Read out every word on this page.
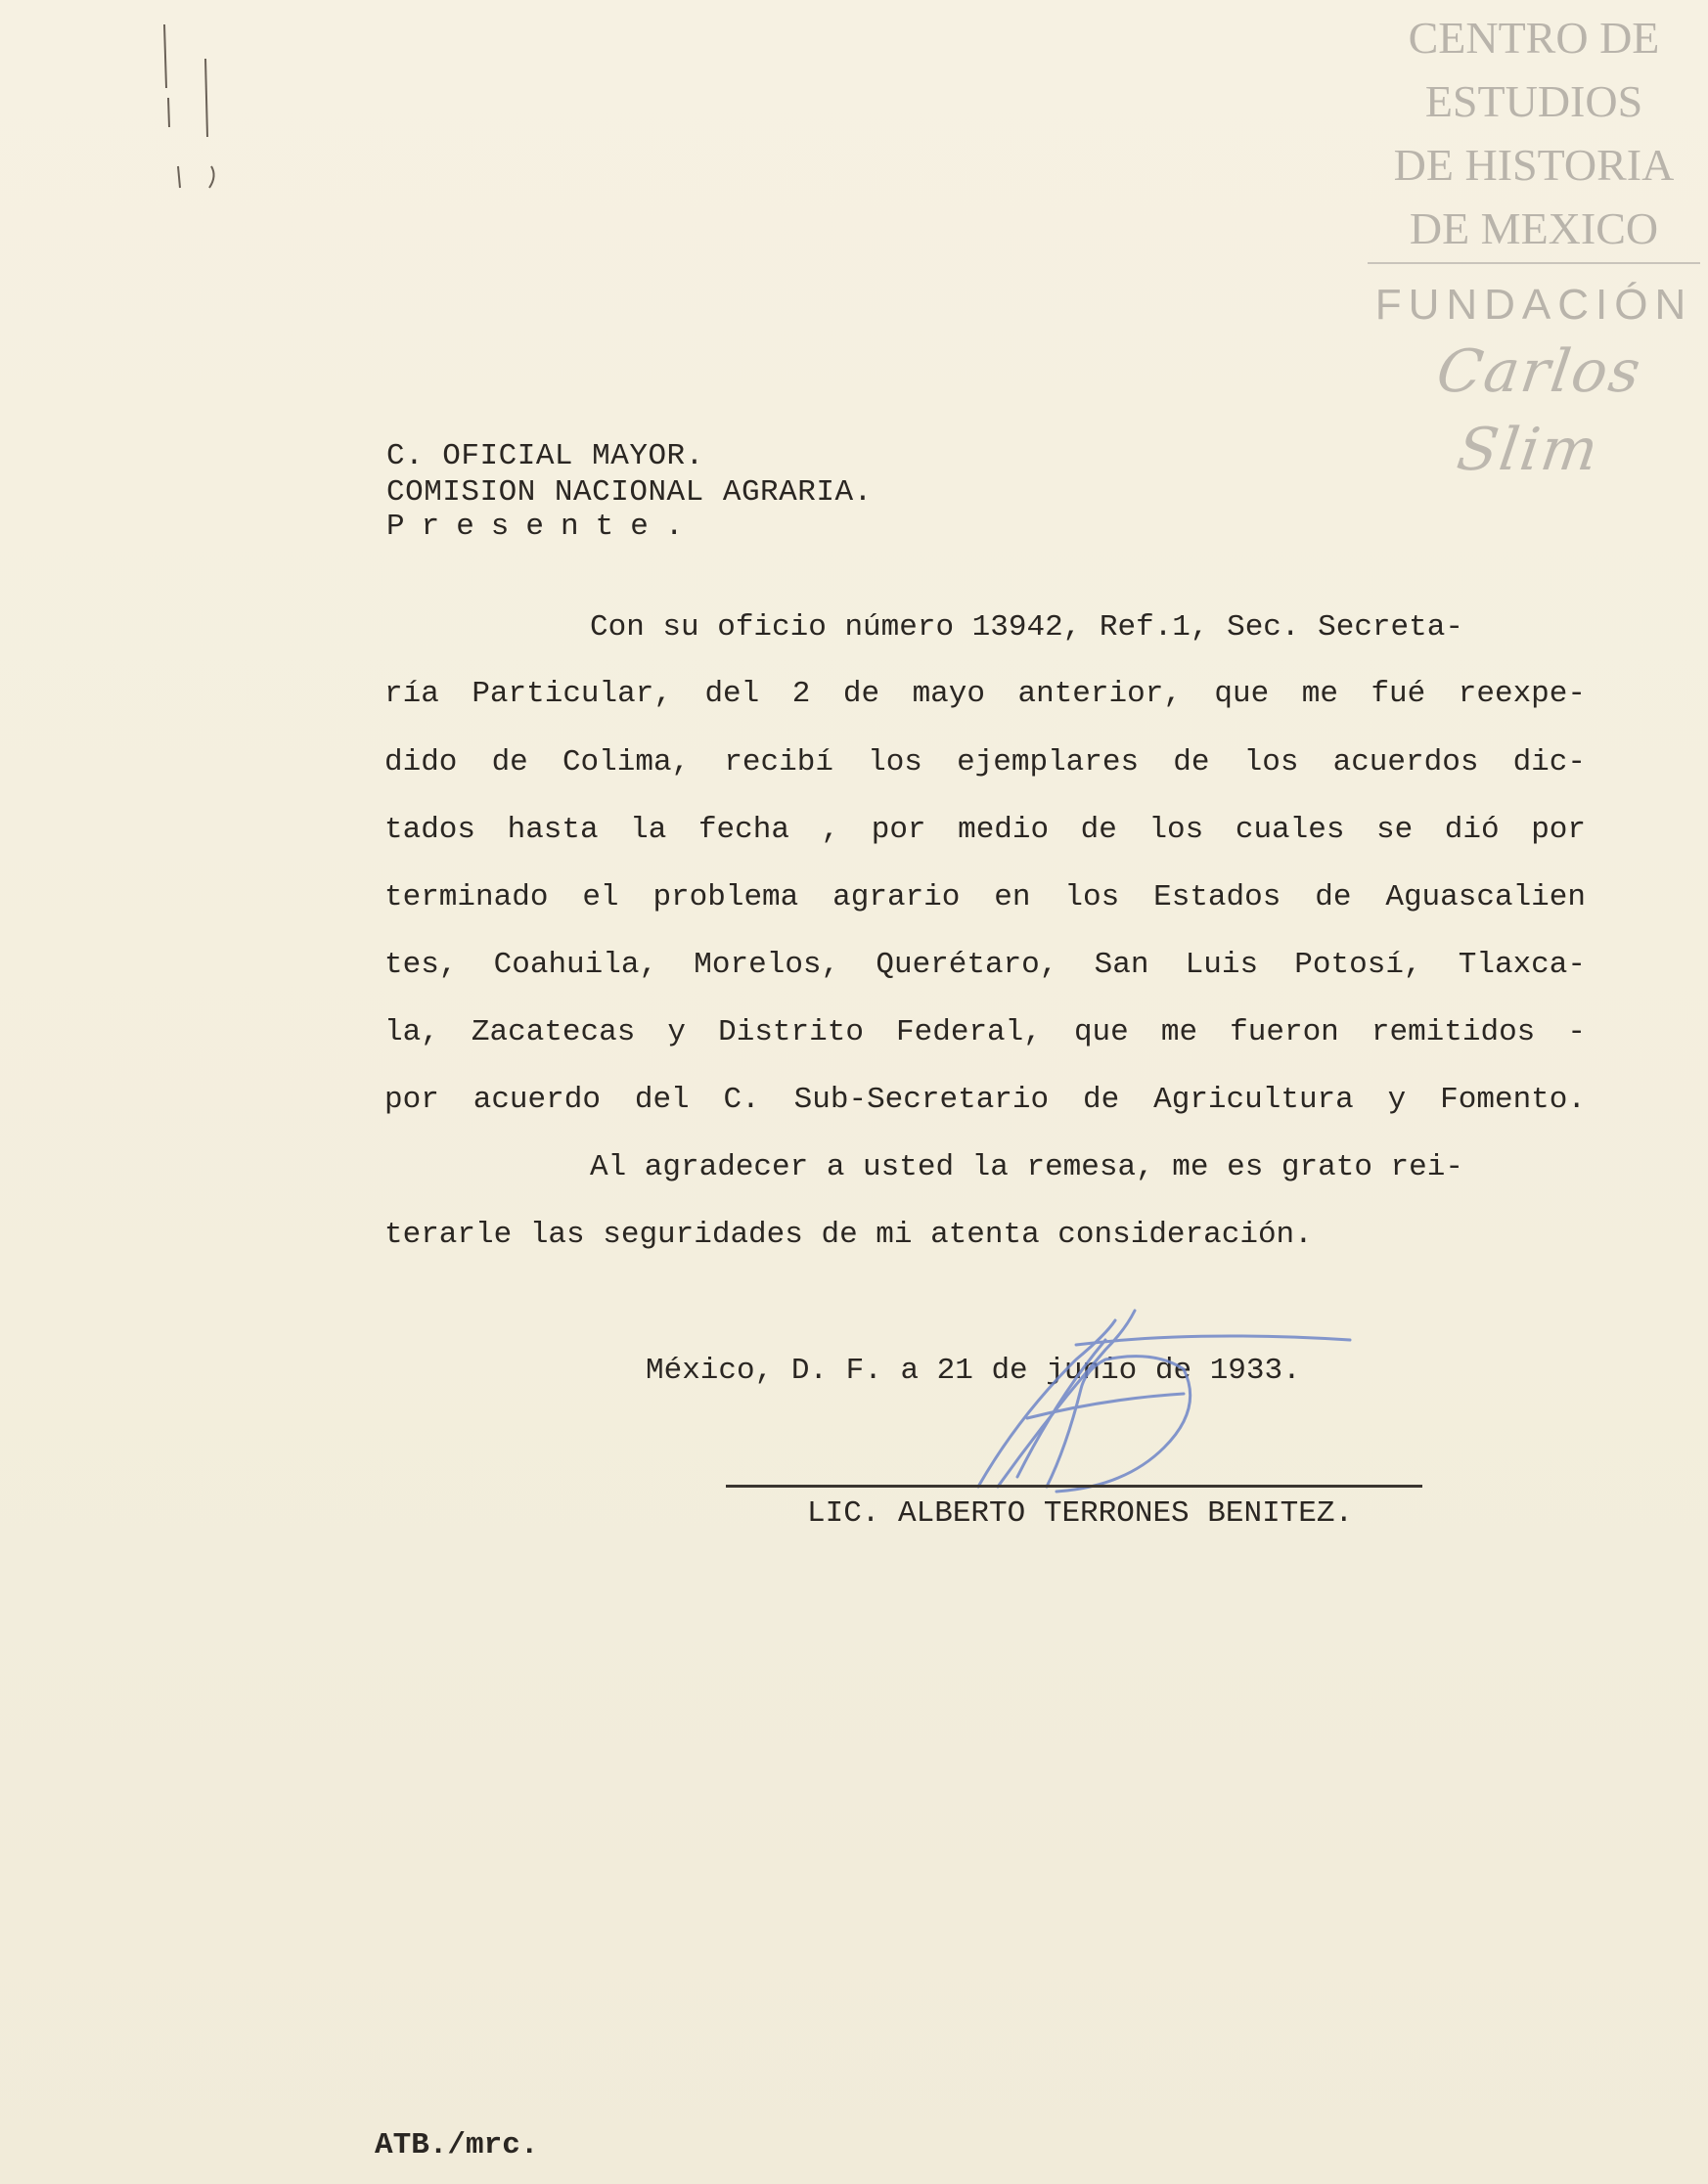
CENTRO DE
ESTUDIOS
DE HISTORIA
DE MEXICO
FUNDACIÓN
Carlos Slim
C. OFICIAL MAYOR.
COMISION NACIONAL AGRARIA.
Presente.
Con su oficio número 13942, Ref.1, Sec. Secreta-
ría Particular, del 2 de mayo anterior, que me fué reexpe-
dido de Colima, recibí los ejemplares de los acuerdos dic-
tados hasta la fecha , por medio de los cuales se dió por
terminado el problema agrario en los Estados de Aguascalien
tes, Coahuila, Morelos, Querétaro, San Luis Potosí, Tlaxca-
la, Zacatecas y Distrito Federal, que me fueron remitidos -
por acuerdo del C. Sub-Secretario de Agricultura y Fomento.
Al agradecer a usted la remesa, me es grato rei-
terarle las seguridades de mi atenta consideración.
México, D. F. a 21 de junio de 1933.
LIC. ALBERTO TERRONES BENITEZ.
ATB./mrc.
